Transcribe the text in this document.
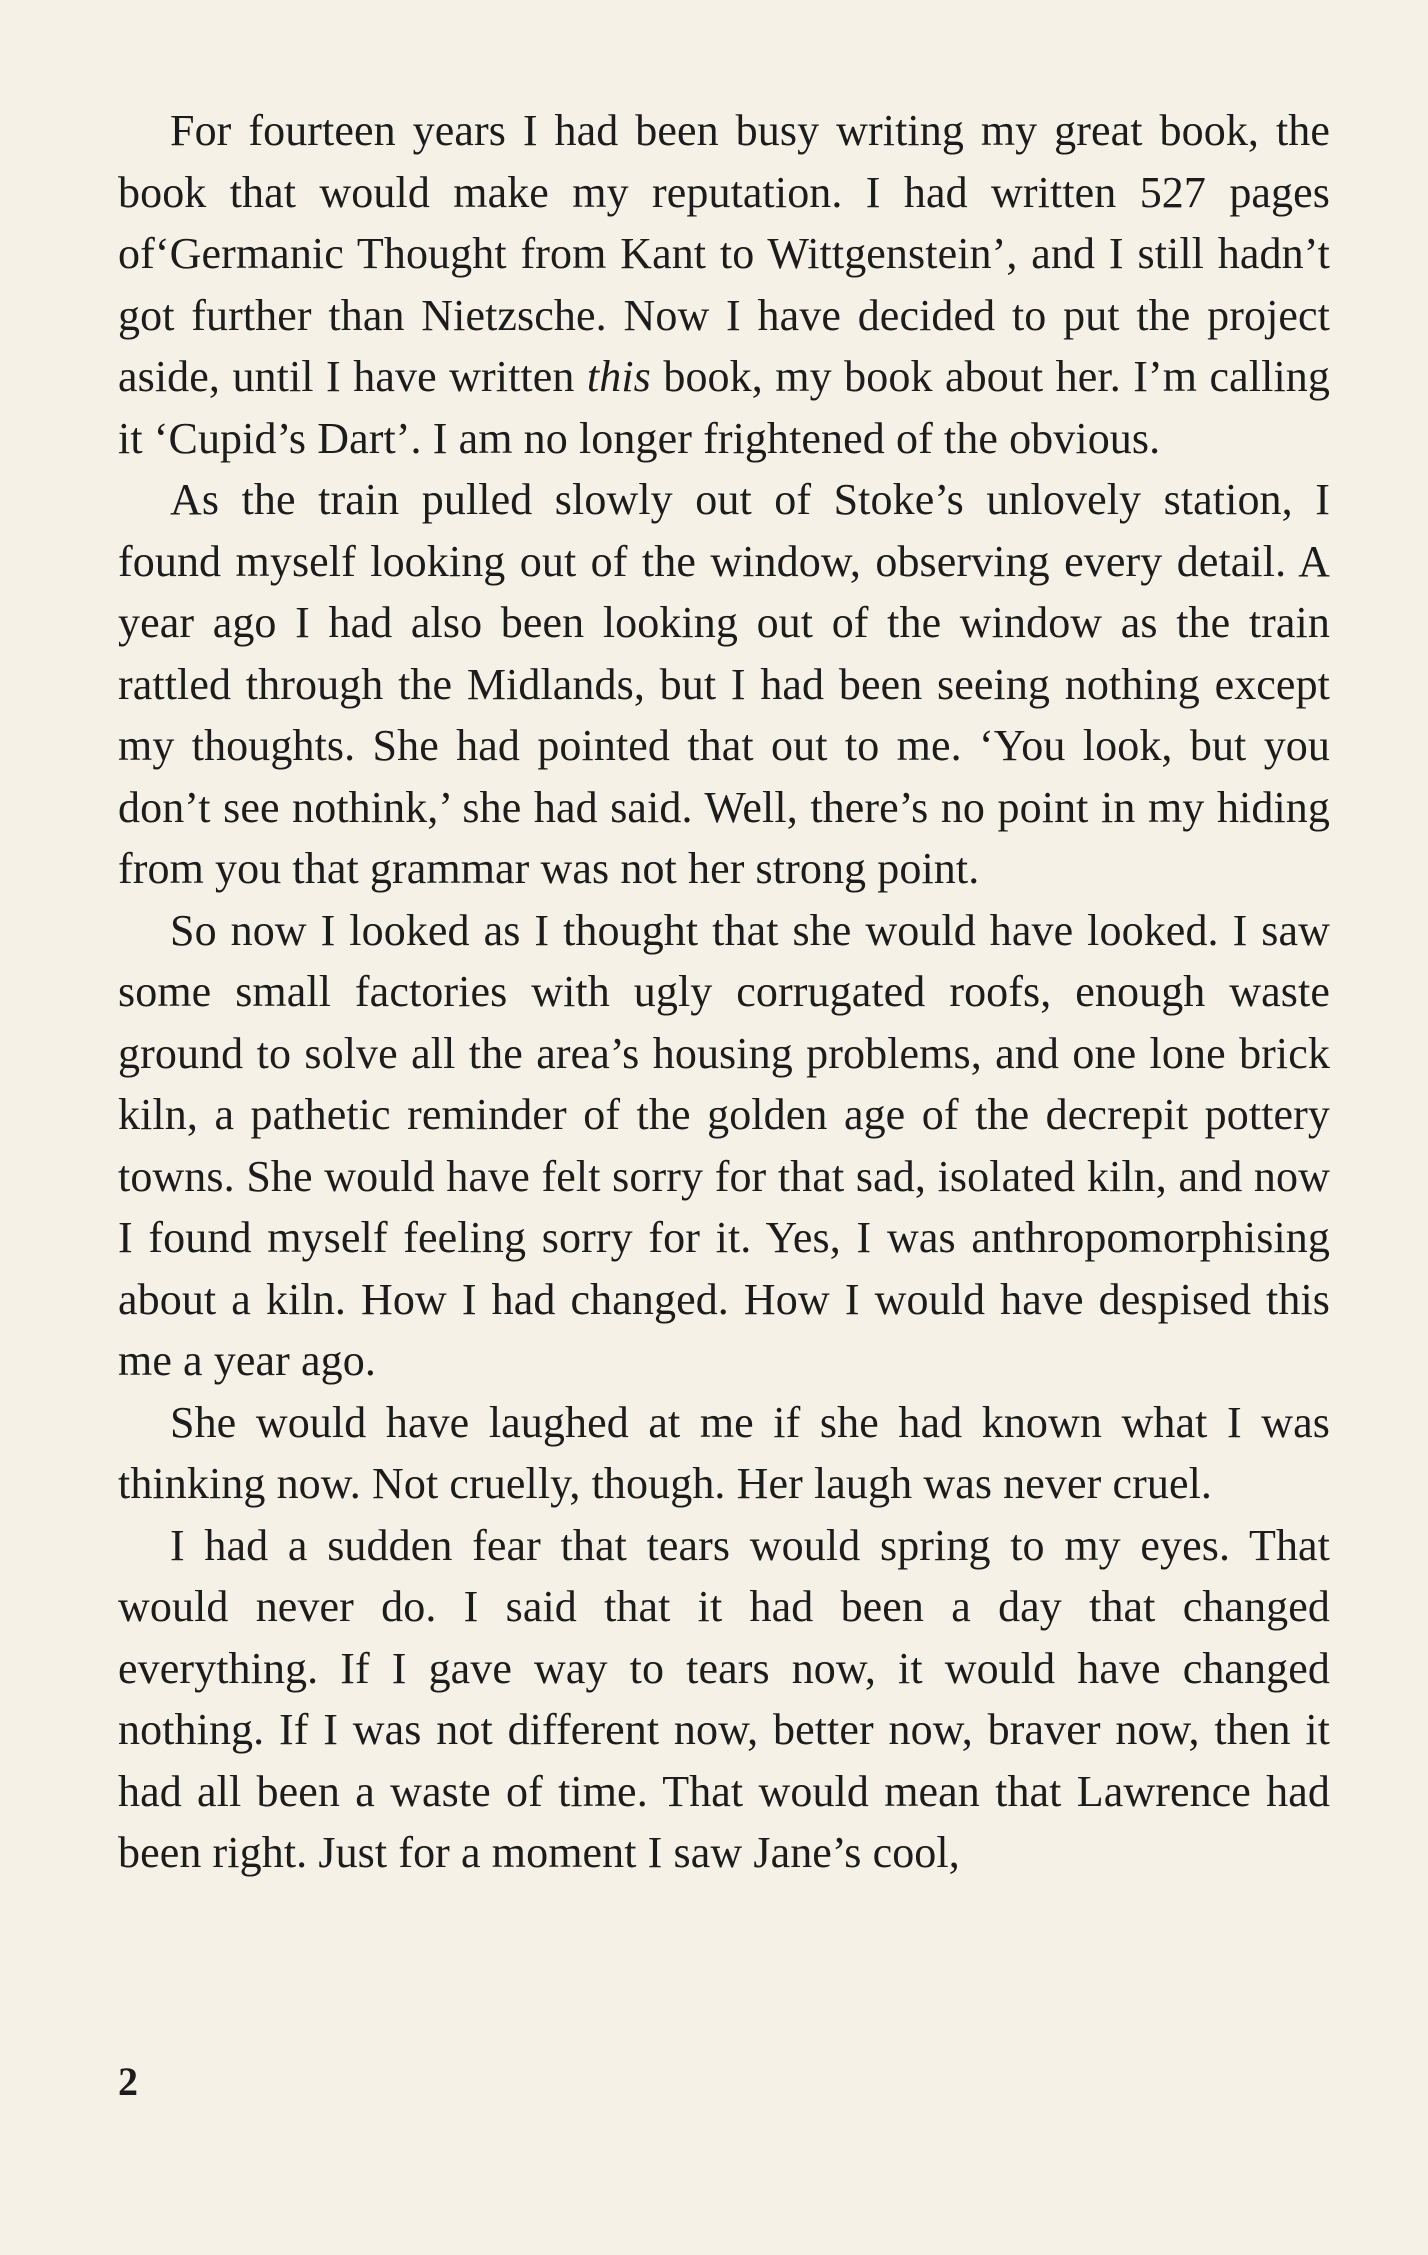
For fourteen years I had been busy writing my great book, the book that would make my reputation. I had written 527 pages of‘Germanic Thought from Kant to Wittgenstein’, and I still hadn’t got further than Nietzsche. Now I have decided to put the project aside, until I have written this book, my book about her. I’m calling it ‘Cupid’s Dart’. I am no longer frightened of the obvious.

As the train pulled slowly out of Stoke’s unlovely station, I found myself looking out of the window, observing every detail. A year ago I had also been looking out of the window as the train rattled through the Midlands, but I had been seeing nothing except my thoughts. She had pointed that out to me. ‘You look, but you don’t see nothink,’ she had said. Well, there’s no point in my hiding from you that grammar was not her strong point.

So now I looked as I thought that she would have looked. I saw some small factories with ugly corrugated roofs, enough waste ground to solve all the area’s housing problems, and one lone brick kiln, a pathetic reminder of the golden age of the decrepit pottery towns. She would have felt sorry for that sad, isolated kiln, and now I found myself feeling sorry for it. Yes, I was anthropomorphising about a kiln. How I had changed. How I would have despised this me a year ago.

She would have laughed at me if she had known what I was thinking now. Not cruelly, though. Her laugh was never cruel.

I had a sudden fear that tears would spring to my eyes. That would never do. I said that it had been a day that changed everything. If I gave way to tears now, it would have changed nothing. If I was not different now, better now, braver now, then it had all been a waste of time. That would mean that Lawrence had been right. Just for a moment I saw Jane’s cool,

2
